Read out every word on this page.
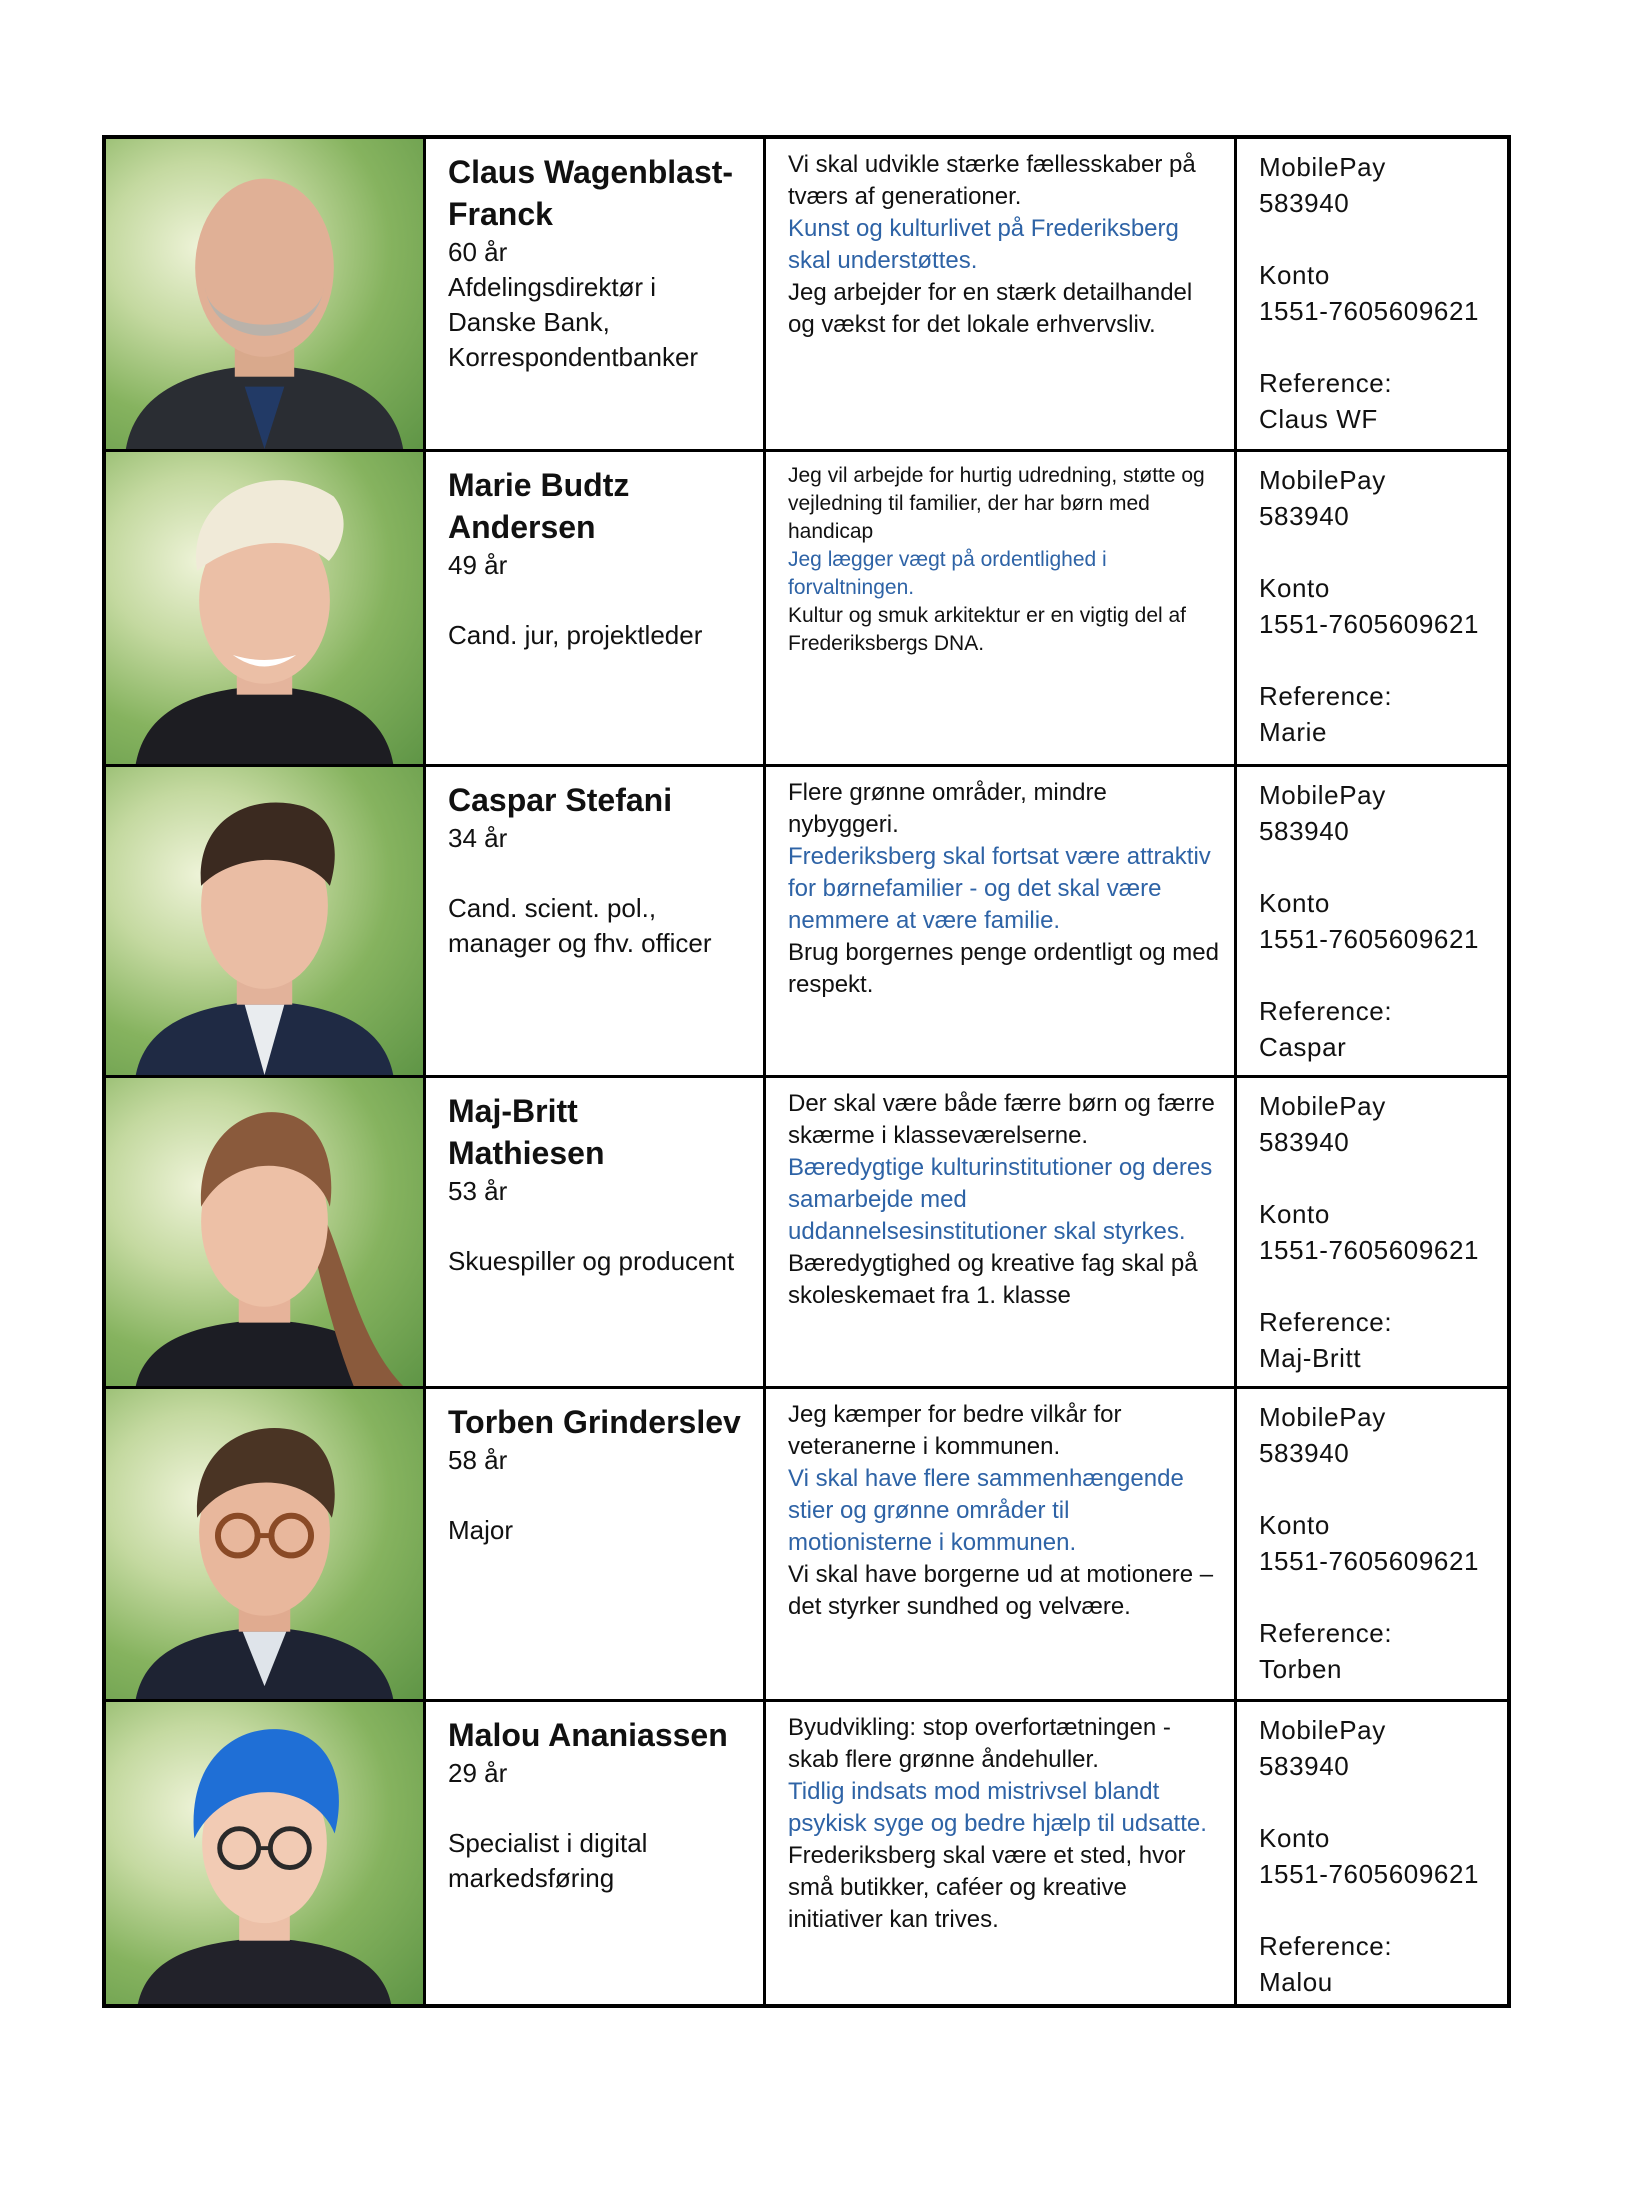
Claus Wagenblast-Franck
60 år
Afdelingsdirektør i Danske Bank, Korrespondentbanker
Vi skal udvikle stærke fællesskaber på tværs af generationer.
Kunst og kulturlivet på Frederiksberg skal understøttes.
Jeg arbejder for en stærk detailhandel og vækst for det lokale erhvervsliv.
MobilePay
583940
Konto
1551-7605609621
Reference:
Claus WF
Marie Budtz Andersen
49 år
Cand. jur, projektleder
Jeg vil arbejde for hurtig udredning, støtte og vejledning til familier, der har børn med handicap
Jeg lægger vægt på ordentlighed i forvaltningen.
Kultur og smuk arkitektur er en vigtig del af Frederiksbergs DNA.
MobilePay
583940
Konto
1551-7605609621
Reference:
Marie
Caspar Stefani
34 år
Cand. scient. pol., manager og fhv. officer
Flere grønne områder, mindre nybyggeri.
Frederiksberg skal fortsat være attraktiv for børnefamilier - og det skal være nemmere at være familie.
Brug borgernes penge ordentligt og med respekt.
MobilePay
583940
Konto
1551-7605609621
Reference:
Caspar
Maj-Britt Mathiesen
53 år
Skuespiller og producent
Der skal være både færre børn og færre skærme i klasseværelserne.
Bæredygtige kulturinstitutioner og deres samarbejde med uddannelsesinstitutioner skal styrkes.
Bæredygtighed og kreative fag skal på skoleskemaet fra 1. klasse
MobilePay
583940
Konto
1551-7605609621
Reference:
Maj-Britt
Torben Grinderslev
58 år
Major
Jeg kæmper for bedre vilkår for veteranerne i kommunen.
Vi skal have flere sammenhængende stier og grønne områder til motionisterne i kommunen.
Vi skal have borgerne ud at motionere – det styrker sundhed og velvære.
MobilePay
583940
Konto
1551-7605609621
Reference:
Torben
Malou Ananiassen
29 år
Specialist i digital markedsføring
Byudvikling: stop overfortætningen - skab flere grønne åndehuller.
Tidlig indsats mod mistrivsel blandt psykisk syge og bedre hjælp til udsatte.
Frederiksberg skal være et sted, hvor små butikker, caféer og kreative initiativer kan trives.
MobilePay
583940
Konto
1551-7605609621
Reference:
Malou
